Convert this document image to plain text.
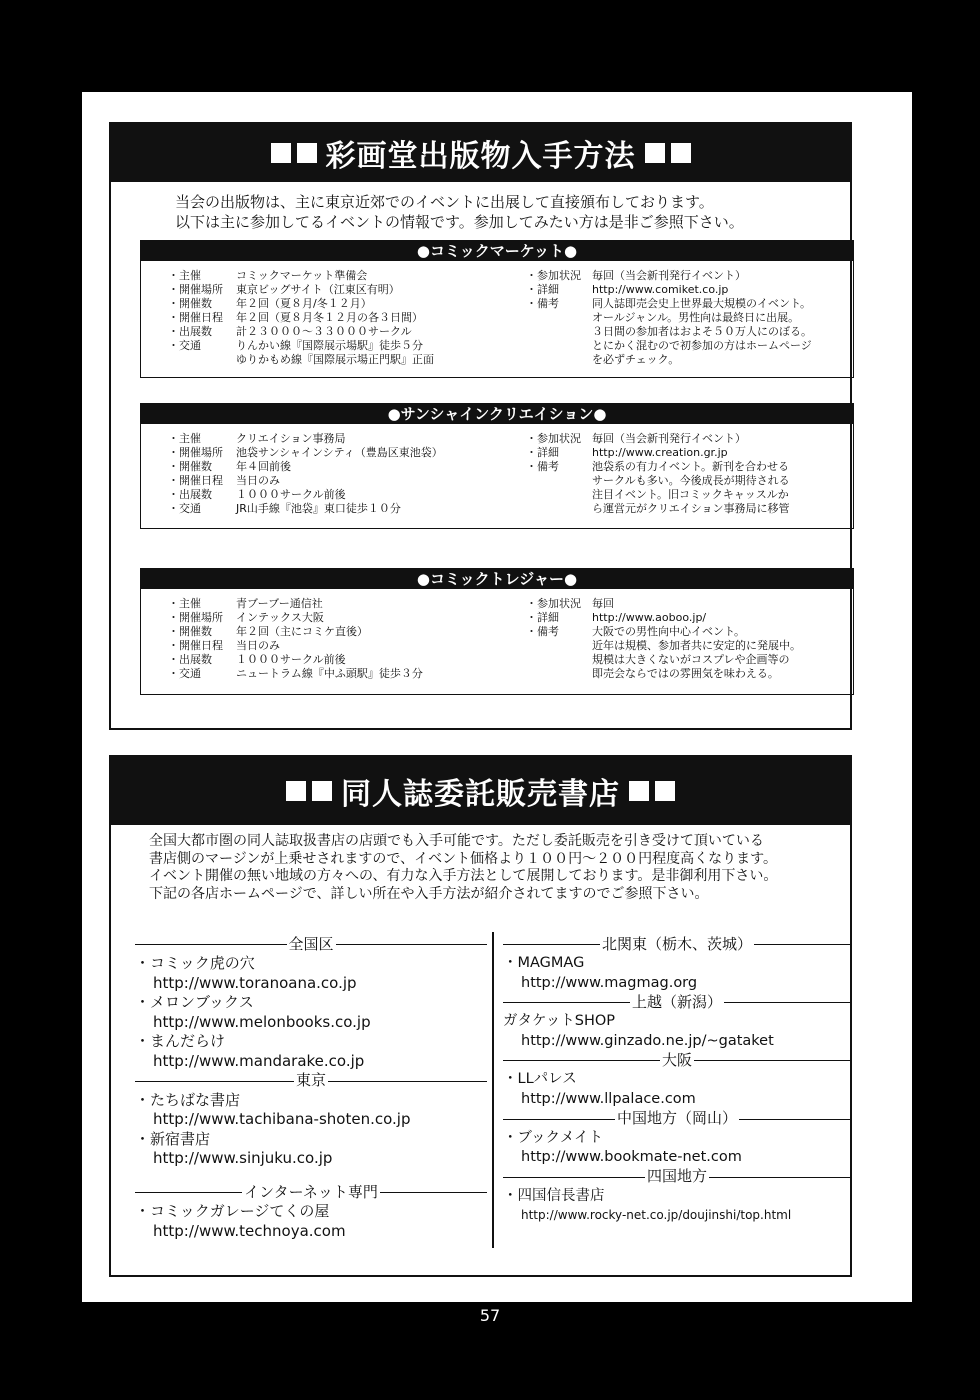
彩画堂出版物入手方法
当会の出版物は、主に東京近郊でのイベントに出展して直接頒布しております。
以下は主に参加してるイベントの情報です。参加してみたい方は是非ご参照下さい。
●コミックマーケット●
・主催	コミックマーケット準備会
・開催場所	東京ビッグサイト（江東区有明）
・開催数	年２回（夏８月/冬１２月）
・開催日程	年２回（夏８月冬１２月の各３日間）
・出展数	計２３０００～３３０００サークル
・交通	りんかい線『国際展示場駅』徒歩５分
ゆりかもめ線『国際展示場正門駅』正面
・参加状況	毎回（当会新刊発行イベント）
・詳細	http://www.comiket.co.jp
・備考	同人誌即売会史上世界最大規模のイベント。
オールジャンル。男性向は最終日に出展。
３日間の参加者はおよそ５０万人にのぼる。
とにかく混むので初参加の方はホームページ
を必ずチェック。
●サンシャインクリエイション●
・主催	クリエイション事務局
・開催場所	池袋サンシャインシティ（豊島区東池袋）
・開催数	年４回前後
・開催日程	当日のみ
・出展数	１０００サークル前後
・交通	JR山手線『池袋』東口徒歩１０分
・参加状況	毎回（当会新刊発行イベント）
・詳細	http://www.creation.gr.jp
・備考	池袋系の有力イベント。新刊を合わせる
サークルも多い。今後成長が期待される
注目イベント。旧コミックキャッスルか
ら運営元がクリエイション事務局に移管
●コミックトレジャー●
・主催	青ブーブー通信社
・開催場所	インテックス大阪
・開催数	年２回（主にコミケ直後）
・開催日程	当日のみ
・出展数	１０００サークル前後
・交通	ニュートラム線『中ふ頭駅』徒歩３分
・参加状況	毎回
・詳細	http://www.aoboo.jp/
・備考	大阪での男性向中心イベント。
近年は規模、参加者共に安定的に発展中。
規模は大きくないがコスプレや企画等の
即売会ならではの雰囲気を味わえる。
同人誌委託販売書店
全国大都市圏の同人誌取扱書店の店頭でも入手可能です。ただし委託販売を引き受けて頂いている
書店側のマージンが上乗せされますので、イベント価格より１００円～２００円程度高くなります。
イベント開催の無い地域の方々への、有力な入手方法として展開しております。是非御利用下さい。
下記の各店ホームページで、詳しい所在や入手方法が紹介されてますのでご参照下さい。
全国区
・コミック虎の穴
http://www.toranoana.co.jp
・メロンブックス
http://www.melonbooks.co.jp
・まんだらけ
http://www.mandarake.co.jp
東京
・たちばな書店
http://www.tachibana-shoten.co.jp
・新宿書店
http://www.sinjuku.co.jp
インターネット専門
・コミックガレージてくの屋
http://www.technoya.com
北関東（栃木、茨城）
・MAGMAG
http://www.magmag.org
上越（新潟）
ガタケットSHOP
http://www.ginzado.ne.jp/~gataket
大阪
・LLパレス
http://www.llpalace.com
中国地方（岡山）
・ブックメイト
http://www.bookmate-net.com
四国地方
・四国信長書店
http://www.rocky-net.co.jp/doujinshi/top.html
57
